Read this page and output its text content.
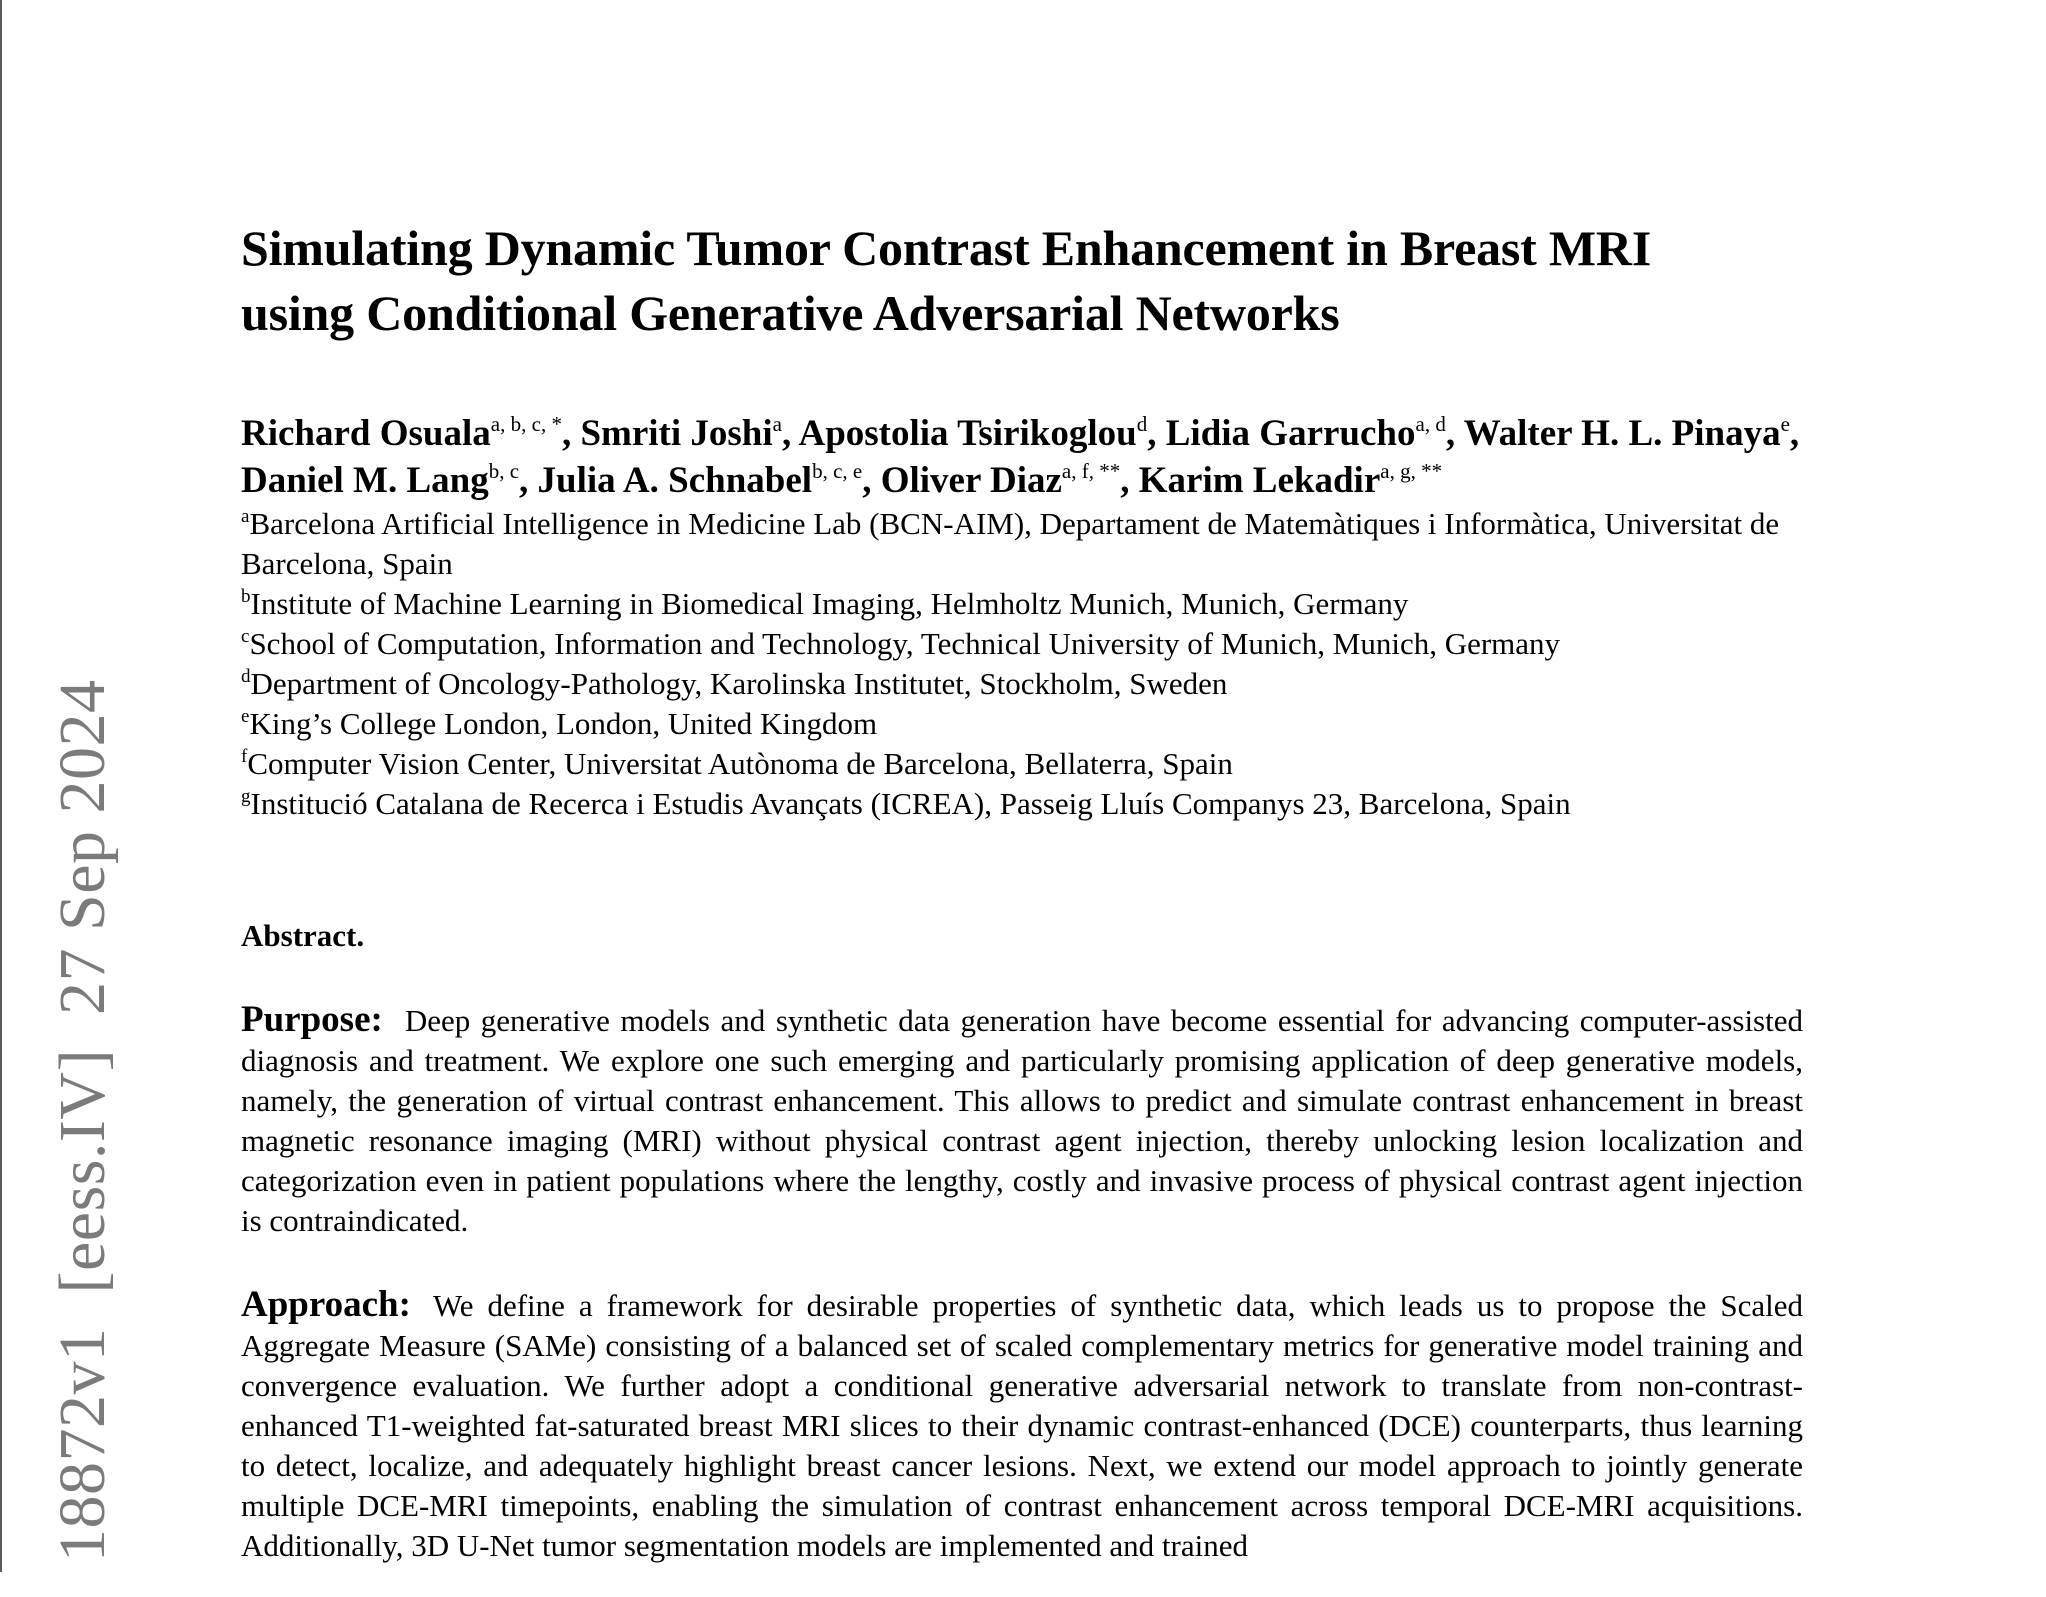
18872v1  [eess.IV]  27 Sep 2024
Simulating Dynamic Tumor Contrast Enhancement in Breast MRI
using Conditional Generative Adversarial Networks
Richard Osuala$^{a, b, c, *}$, Smriti Joshi$^a$, Apostolia Tsirikoglou$^d$, Lidia Garrucho$^{a, d}$, Walter H. L. Pinaya$^e$, Daniel M. Lang$^{b, c}$, Julia A. Schnabel$^{b, c, e}$, Oliver Diaz$^{a, f, **}$, Karim Lekadir$^{a, g, **}$
$^a$Barcelona Artificial Intelligence in Medicine Lab (BCN-AIM), Departament de Matemàtiques i Informàtica, Universitat de Barcelona, Spain
$^b$Institute of Machine Learning in Biomedical Imaging, Helmholtz Munich, Munich, Germany
$^c$School of Computation, Information and Technology, Technical University of Munich, Munich, Germany
$^d$Department of Oncology-Pathology, Karolinska Institutet, Stockholm, Sweden
$^e$King’s College London, London, United Kingdom
$^f$Computer Vision Center, Universitat Autònoma de Barcelona, Bellaterra, Spain
$^g$Institució Catalana de Recerca i Estudis Avançats (ICREA), Passeig Lluís Companys 23, Barcelona, Spain
Abstract.

Purpose: Deep generative models and synthetic data generation have become essential for advancing computer-assisted diagnosis and treatment. We explore one such emerging and particularly promising application of deep generative models, namely, the generation of virtual contrast enhancement. This allows to predict and simulate contrast enhancement in breast magnetic resonance imaging (MRI) without physical contrast agent injection, thereby unlocking lesion localization and categorization even in patient populations where the lengthy, costly and invasive process of physical contrast agent injection is contraindicated.

Approach: We define a framework for desirable properties of synthetic data, which leads us to propose the Scaled Aggregate Measure (SAMe) consisting of a balanced set of scaled complementary metrics for generative model training and convergence evaluation. We further adopt a conditional generative adversarial network to translate from non-contrast-enhanced T1-weighted fat-saturated breast MRI slices to their dynamic contrast-enhanced (DCE) counterparts, thus learning to detect, localize, and adequately highlight breast cancer lesions. Next, we extend our model approach to jointly generate multiple DCE-MRI timepoints, enabling the simulation of contrast enhancement across temporal DCE-MRI acquisitions. Additionally, 3D U-Net tumor segmentation models are implemented and trained
